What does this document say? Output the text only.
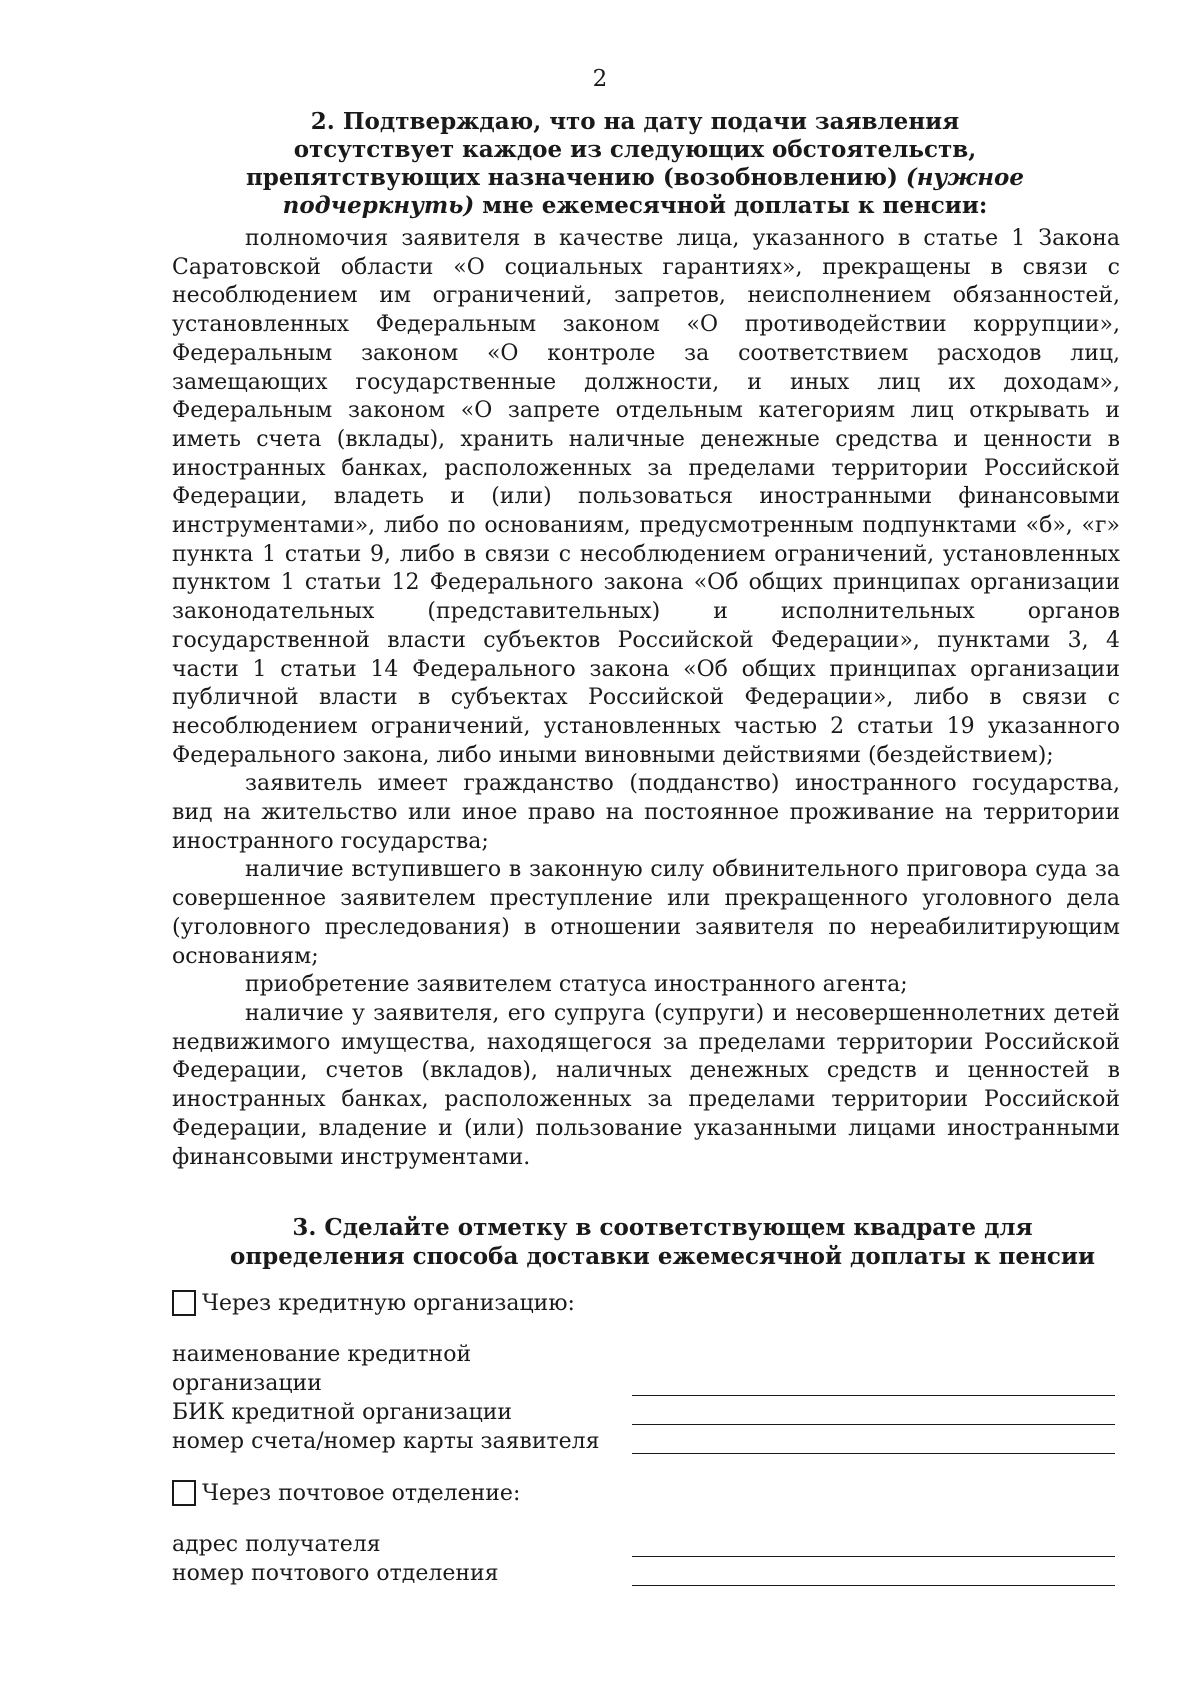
2
2. Подтверждаю, что на дату подачи заявления отсутствует каждое из следующих обстоятельств, препятствующих назначению (возобновлению) (нужное подчеркнуть) мне ежемесячной доплаты к пенсии:

полномочия заявителя в качестве лица, указанного в статье 1 Закона Саратовской области «О социальных гарантиях», прекращены в связи с несоблюдением им ограничений, запретов, неисполнением обязанностей, установленных Федеральным законом «О противодействии коррупции», Федеральным законом «О контроле за соответствием расходов лиц, замещающих государственные должности, и иных лиц их доходам», Федеральным законом «О запрете отдельным категориям лиц открывать и иметь счета (вклады), хранить наличные денежные средства и ценности в иностранных банках, расположенных за пределами территории Российской Федерации, владеть и (или) пользоваться иностранными финансовыми инструментами», либо по основаниям, предусмотренным подпунктами «б», «г» пункта 1 статьи 9, либо в связи с несоблюдением ограничений, установленных пунктом 1 статьи 12 Федерального закона «Об общих принципах организации законодательных (представительных) и исполнительных органов государственной власти субъектов Российской Федерации», пунктами 3, 4 части 1 статьи 14 Федерального закона «Об общих принципах организации публичной власти в субъектах Российской Федерации», либо в связи с несоблюдением ограничений, установленных частью 2 статьи 19 указанного Федерального закона, либо иными виновными действиями (бездействием);

заявитель имеет гражданство (подданство) иностранного государства, вид на жительство или иное право на постоянное проживание на территории иностранного государства;

наличие вступившего в законную силу обвинительного приговора суда за совершенное заявителем преступление или прекращенного уголовного дела (уголовного преследования) в отношении заявителя по нереабилитирующим основаниям;

приобретение заявителем статуса иностранного агента;

наличие у заявителя, его супруга (супруги) и несовершеннолетних детей недвижимого имущества, находящегося за пределами территории Российской Федерации, счетов (вкладов), наличных денежных средств и ценностей в иностранных банках, расположенных за пределами территории Российской Федерации, владение и (или) пользование указанными лицами иностранными финансовыми инструментами.

3. Сделайте отметку в соответствующем квадрате для определения способа доставки ежемесячной доплаты к пенсии
Через кредитную организацию:
наименование кредитной
организации
БИК кредитной организации
номер счета/номер карты заявителя
Через почтовое отделение:
адрес получателя
номер почтового отделения
